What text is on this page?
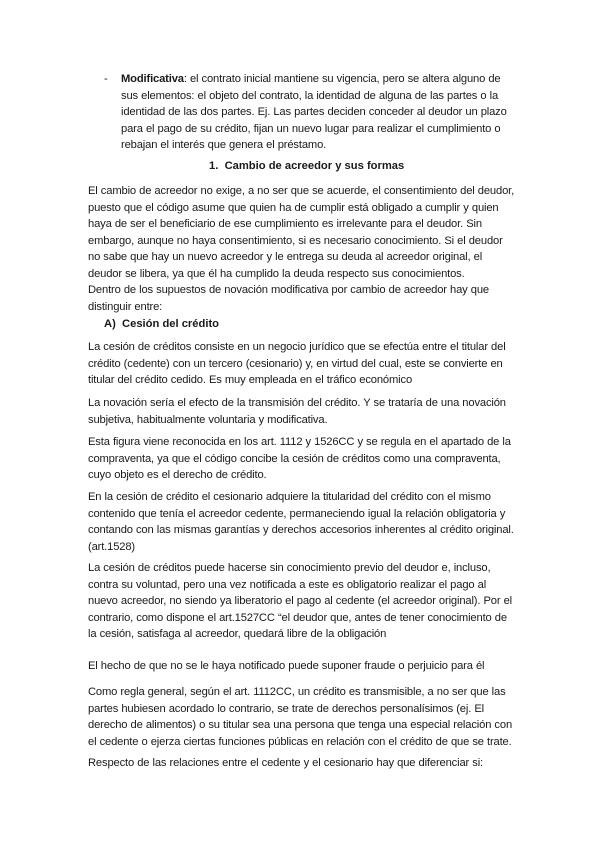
- Modificativa: el contrato inicial mantiene su vigencia, pero se altera alguno de sus elementos: el objeto del contrato, la identidad de alguna de las partes o la identidad de las dos partes. Ej. Las partes deciden conceder al deudor un plazo para el pago de su crédito, fijan un nuevo lugar para realizar el cumplimiento o rebajan el interés que genera el préstamo.

1. Cambio de acreedor y sus formas

El cambio de acreedor no exige, a no ser que se acuerde, el consentimiento del deudor, puesto que el código asume que quien ha de cumplir está obligado a cumplir y quien haya de ser el beneficiario de ese cumplimiento es irrelevante para el deudor. Sin embargo, aunque no haya consentimiento, si es necesario conocimiento. Si el deudor no sabe que hay un nuevo acreedor y le entrega su deuda al acreedor original, el deudor se libera, ya que él ha cumplido la deuda respecto sus conocimientos.

Dentro de los supuestos de novación modificativa por cambio de acreedor hay que distinguir entre:

A) Cesión del crédito

La cesión de créditos consiste en un negocio jurídico que se efectúa entre el titular del crédito (cedente) con un tercero (cesionario) y, en virtud del cual, este se convierte en titular del crédito cedido. Es muy empleada en el tráfico económico

La novación sería el efecto de la transmisión del crédito. Y se trataría de una novación subjetiva, habitualmente voluntaria y modificativa.

Esta figura viene reconocida en los art. 1112 y 1526CC y se regula en el apartado de la compraventa, ya que el código concibe la cesión de créditos como una compraventa, cuyo objeto es el derecho de crédito.

En la cesión de crédito el cesionario adquiere la titularidad del crédito con el mismo contenido que tenía el acreedor cedente, permaneciendo igual la relación obligatoria y contando con las mismas garantías y derechos accesorios inherentes al crédito original. (art.1528)

La cesión de créditos puede hacerse sin conocimiento previo del deudor e, incluso, contra su voluntad, pero una vez notificada a este es obligatorio realizar el pago al nuevo acreedor, no siendo ya liberatorio el pago al cedente (el acreedor original). Por el contrario, como dispone el art.1527CC “el deudor que, antes de tener conocimiento de la cesión, satisfaga al acreedor, quedará libre de la obligación

El hecho de que no se le haya notificado puede suponer fraude o perjuicio para él

Como regla general, según el art. 1112CC, un crédito es transmisible, a no ser que las partes hubiesen acordado lo contrario, se trate de derechos personalísimos (ej. El derecho de alimentos) o su titular sea una persona que tenga una especial relación con el cedente o ejerza ciertas funciones públicas en relación con el crédito de que se trate.

Respecto de las relaciones entre el cedente y el cesionario hay que diferenciar si:
